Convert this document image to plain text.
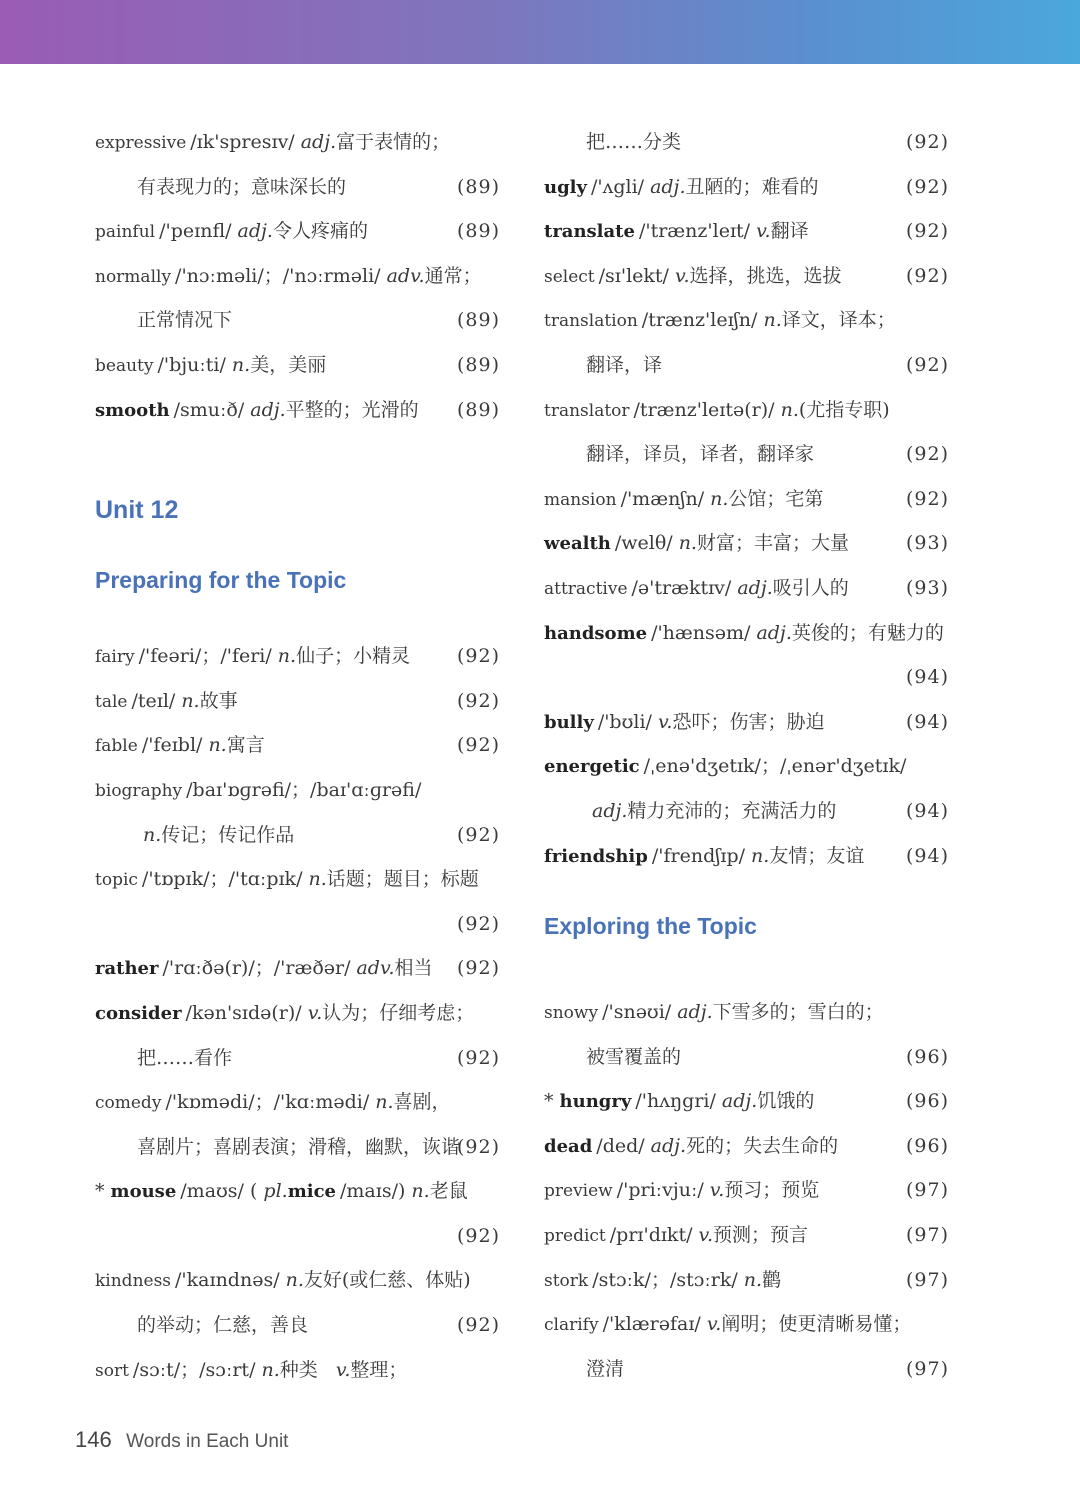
expressive /ɪk'spresɪv/ adj.富于表情的；
有表现力的；意味深长的	(89)
painful /'peɪnfl/ adj.令人疼痛的	(89)
normally /'nɔːməli/；/'nɔːrməli/ adv.通常；
正常情况下	(89)
beauty /'bjuːti/ n.美，美丽	(89)
smooth /smuːð/ adj.平整的；光滑的 (89)
Unit 12
Preparing for the Topic
fairy /'feəri/；/'feri/ n.仙子；小精灵 (92)
tale /teɪl/ n.故事	(92)
fable /'feɪbl/ n.寓言	(92)
biography /baɪ'ɒɡrəfi/；/baɪ'ɑːɡrəfi/
n.传记；传记作品	(92)
topic /'tɒpɪk/；/'tɑːpɪk/ n.话题；题目；标题
(92)
rather /'rɑːðə(r)/；/'ræðər/ adv.相当 (92)
consider /kən'sɪdə(r)/ v.认为；仔细考虑；
把……看作	(92)
comedy /'kɒmədi/；/'kɑːmədi/ n.喜剧，
喜剧片；喜剧表演；滑稽，幽默，诙谐
(92)
* mouse /maʊs/ ( pl.mice /maɪs/) n.老鼠
(92)
kindness /'kaɪndnəs/ n.友好(或仁慈、体贴)
的举动；仁慈，善良	(92)
sort /sɔːt/；/sɔːrt/ n.种类 v.整理；
把……分类	(92)
ugly /'ʌgli/ adj.丑陋的；难看的	(92)
translate /'trænz'leɪt/ v.翻译	(92)
select /sɪ'lekt/ v.选择，挑选，选拔	(92)
translation /trænz'leɪʃn/ n.译文，译本；
翻译，译	(92)
translator /trænz'leɪtə(r)/ n.(尤指专职)
翻译，译员，译者，翻译家	(92)
mansion /'mænʃn/ n.公馆；宅第	(92)
wealth /welθ/ n.财富；丰富；大量	(93)
attractive /ə'træktɪv/ adj.吸引人的	(93)
handsome /'hænsəm/ adj.英俊的；有魅力的
(94)
bully /'bʊli/ v.恐吓；伤害；胁迫	(94)
energetic /ˌenə'dʒetɪk/；/ˌenər'dʒetɪk/
adj.精力充沛的；充满活力的	(94)
friendship /'frendʃɪp/ n.友情；友谊 (94)
Exploring the Topic
snowy /'snəʊi/ adj.下雪多的；雪白的；
被雪覆盖的	(96)
* hungry /'hʌŋgri/ adj.饥饿的	(96)
dead /ded/ adj.死的；失去生命的	(96)
preview /'priːvjuː/ v.预习；预览	(97)
predict /prɪ'dɪkt/ v.预测；预言	(97)
stork /stɔːk/；/stɔːrk/ n.鹳	(97)
clarify /'klærəfaɪ/ v.阐明；使更清晰易懂；
澄清	(97)
146 Words in Each Unit
